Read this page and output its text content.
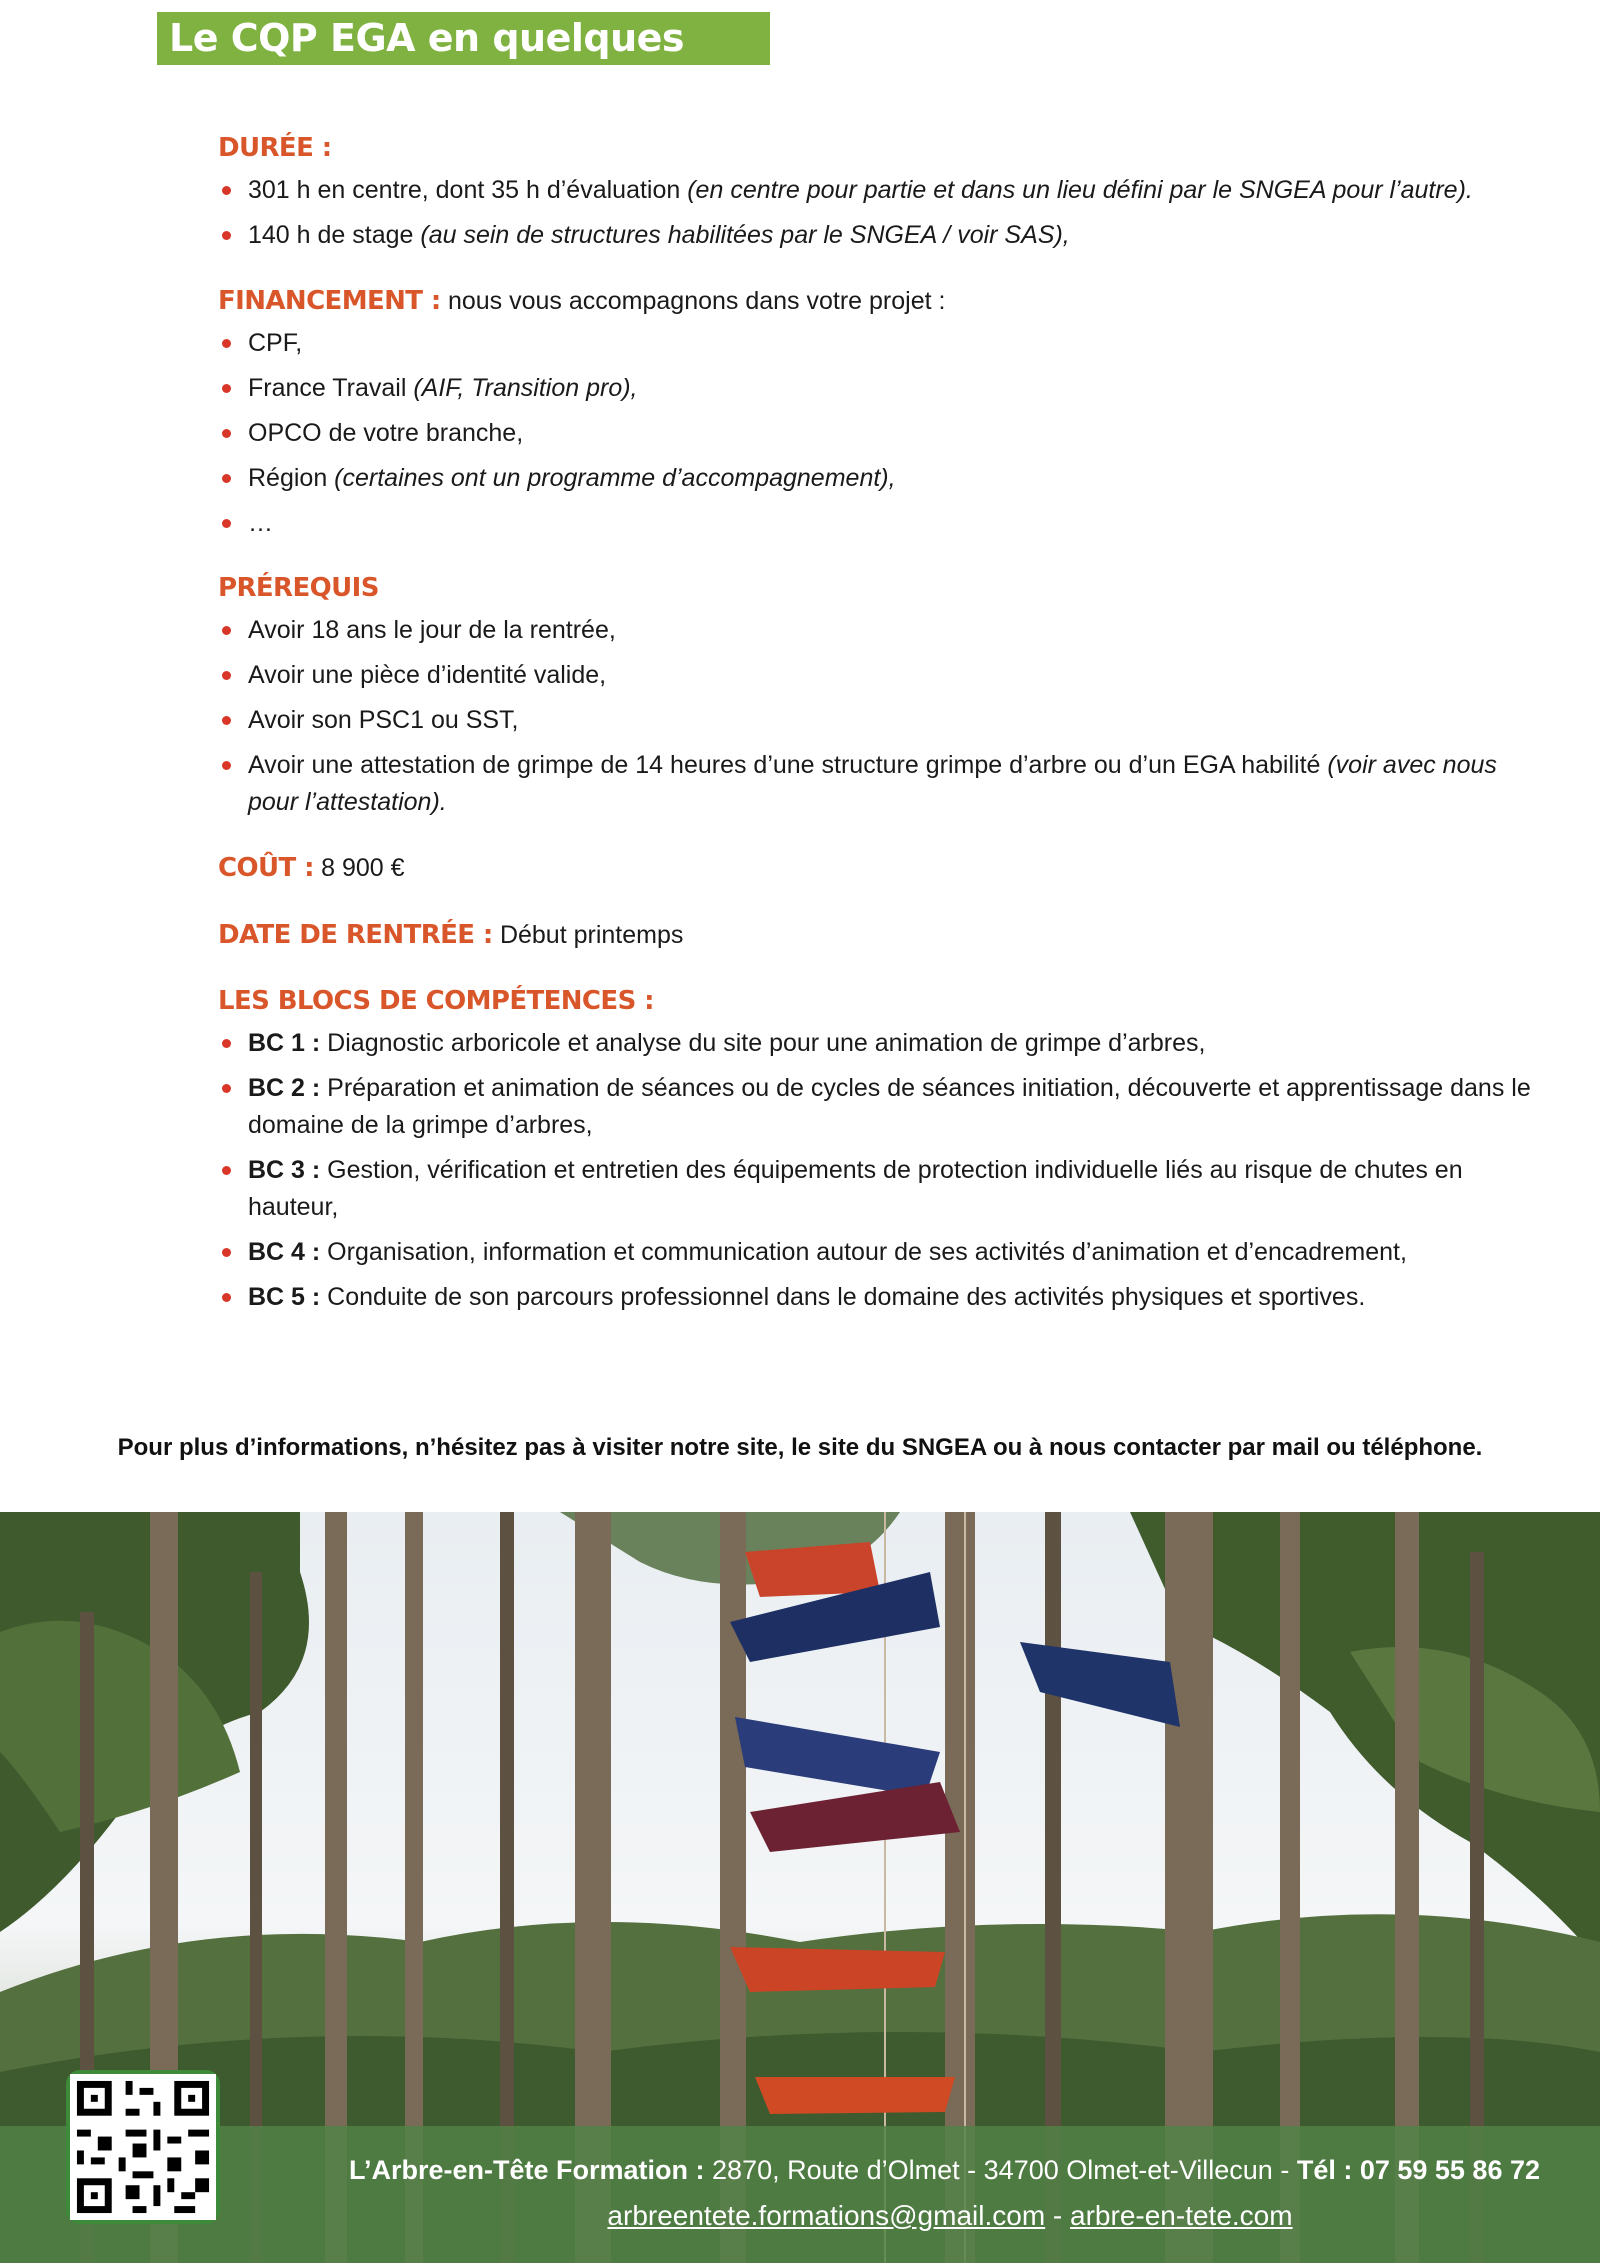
Le CQP EGA en quelques mots
DURÉE :
301 h en centre, dont 35 h d’évaluation (en centre pour partie et dans un lieu défini par le SNGEA pour l’autre).
140 h de stage (au sein de structures habilitées par le SNGEA / voir SAS),
FINANCEMENT : nous vous accompagnons dans votre projet :
CPF,
France Travail (AIF, Transition pro),
OPCO de votre branche,
Région (certaines ont un programme d’accompagnement),
…
PRÉREQUIS
Avoir 18 ans le jour de la rentrée,
Avoir une pièce d’identité valide,
Avoir son PSC1 ou SST,
Avoir une attestation de grimpe de 14 heures d’une structure grimpe d’arbre ou d’un EGA habilité (voir avec nous pour l’attestation).
COÛT : 8 900 €
DATE DE RENTRÉE : Début printemps
LES BLOCS DE COMPÉTENCES :
BC 1 : Diagnostic arboricole et analyse du site pour une animation de grimpe d’arbres,
BC 2 : Préparation et animation de séances ou de cycles de séances initiation, découverte et apprentissage dans le domaine de la grimpe d’arbres,
BC 3 : Gestion, vérification et entretien des équipements de protection individuelle liés au risque de chutes en hauteur,
BC 4 : Organisation, information et communication autour de ses activités d’animation et d’encadrement,
BC 5 : Conduite de son parcours professionnel dans le domaine des activités physiques et sportives.
Pour plus d’informations, n’hésitez pas à visiter notre site, le site du SNGEA ou à nous contacter par mail ou téléphone.
L’Arbre-en-Tête Formation : 2870, Route d’Olmet - 34700 Olmet-et-Villecun - Tél : 07 59 55 86 72
arbreentete.formations@gmail.com - arbre-en-tete.com
